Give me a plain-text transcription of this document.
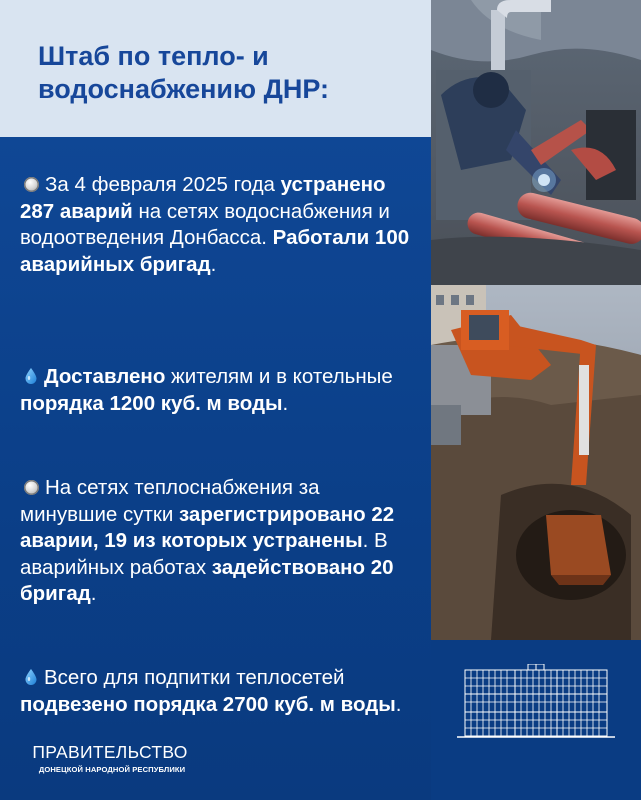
Штаб по тепло- и водоснабжению ДНР:
За 4 февраля 2025 года устранено 287 аварий на сетях водоснабжения и водоотведения Донбасса. Работали 100 аварийных бригад.
Доставлено жителям и в котельные порядка 1200 куб. м воды.
На сетях теплоснабжения за минувшие сутки зарегистрировано 22 аварии, 19 из которых устранены. В аварийных работах задействовано 20 бригад.
Всего для подпитки теплосетей подвезено порядка 2700 куб. м воды.
ПРАВИТЕЛЬСТВО
ДОНЕЦКОЙ НАРОДНОЙ РЕСПУБЛИКИ
